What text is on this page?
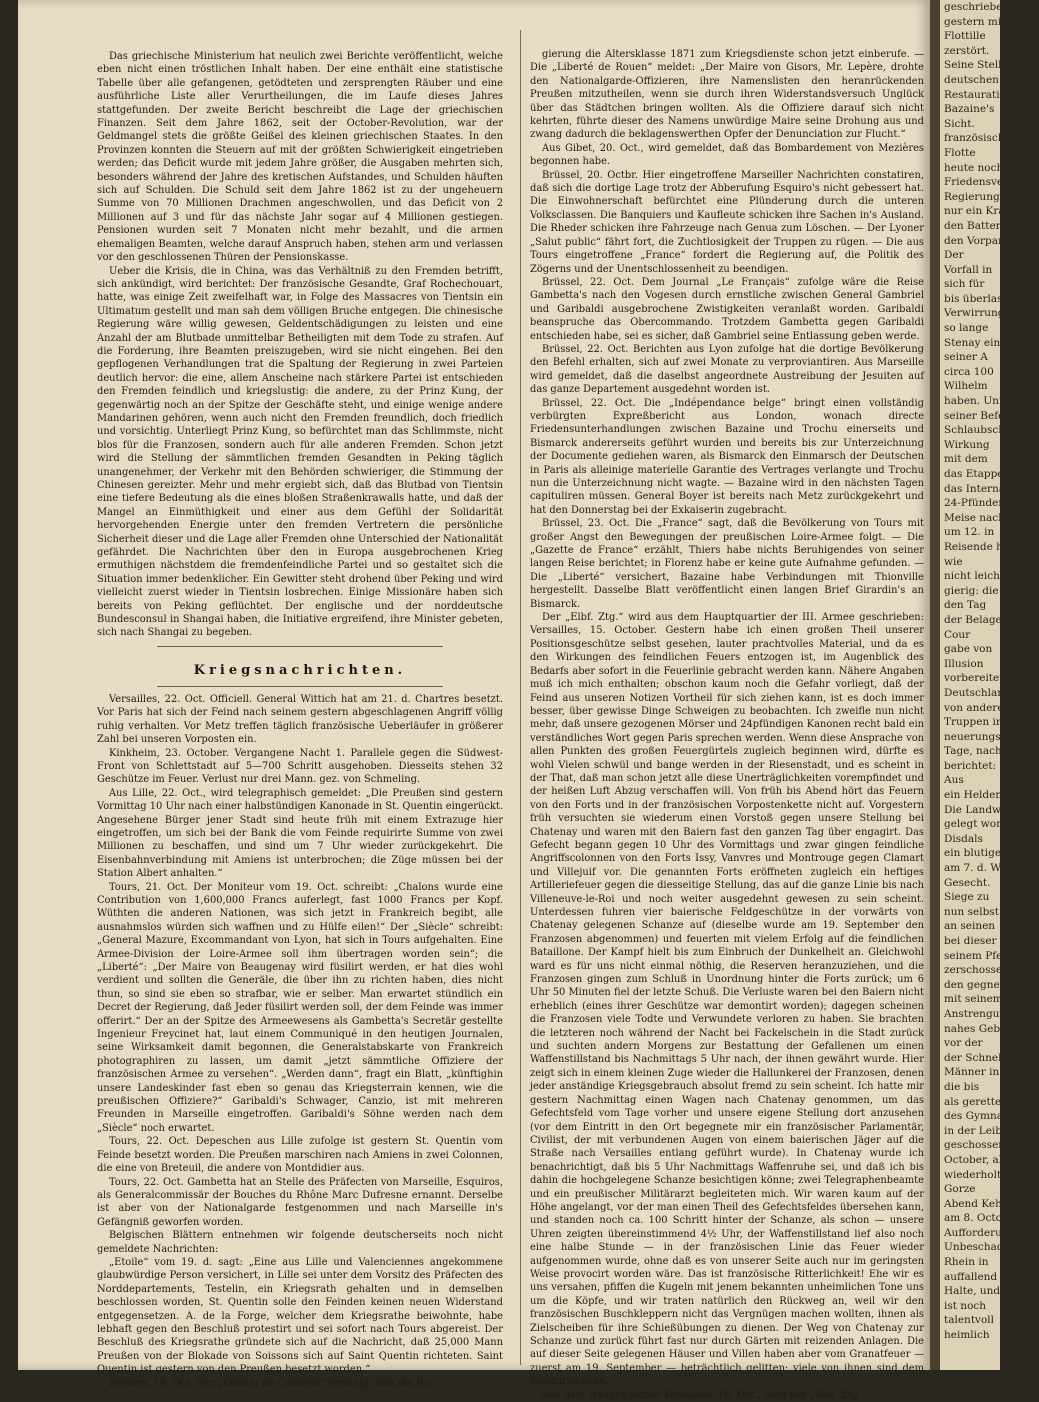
Das griechische Ministerium hat neulich zwei Berichte veröffentlicht, welche eben nicht einen tröstlichen Inhalt haben. Der eine enthält eine statistische Tabelle über alle gefangenen, getödteten und zersprengten Räuber und eine ausführliche Liste aller Verurtheilungen, die im Laufe dieses Jahres stattgefunden. Der zweite Bericht beschreibt die Lage der griechischen Finanzen. Seit dem Jahre 1862, seit der October-Revolution, war der Geldmangel stets die größte Geißel des kleinen griechischen Staates. In den Provinzen konnten die Steuern auf mit der größten Schwierigkeit eingetrieben werden; das Deficit wurde mit jedem Jahre größer, die Ausgaben mehrten sich, besonders während der Jahre des kretischen Aufstandes, und Schulden häuften sich auf Schulden. Die Schuld seit dem Jahre 1862 ist zu der ungeheuern Summe von 70 Millionen Drachmen angeschwollen, und das Deficit von 2 Millionen auf 3 und für das nächste Jahr sogar auf 4 Millionen gestiegen. Pensionen wurden seit 7 Monaten nicht mehr bezahlt, und die armen ehemaligen Beamten, welche darauf Anspruch haben, stehen arm und verlassen vor den geschlossenen Thüren der Pensionskasse.

Ueber die Krisis, die in China, was das Verhältniß zu den Fremden betrifft, sich ankündigt, wird berichtet: Der französische Gesandte, Graf Rochechouart, hatte, was einige Zeit zweifelhaft war, in Folge des Massacres von Tientsin ein Ultimatum gestellt und man sah dem völligen Bruche entgegen. Die chinesische Regierung wäre willig gewesen, Geldentschädigungen zu leisten und eine Anzahl der am Blutbade unmittelbar Betheiligten mit dem Tode zu strafen. Auf die Forderung, ihre Beamten preiszugeben, wird sie nicht eingehen. Bei den gepflogenen Verhandlungen trat die Spaltung der Regierung in zwei Parteien deutlich hervor: die eine, allem Anscheine nach stärkere Partei ist entschieden den Fremden feindlich und kriegslustig: die andere, zu der Prinz Kung, der gegenwärtig noch an der Spitze der Geschäfte steht, und einige wenige andere Mandarinen gehören, wenn auch nicht den Fremden freundlich, doch friedlich und vorsichtig. Unterliegt Prinz Kung, so befürchtet man das Schlimmste, nicht blos für die Franzosen, sondern auch für alle anderen Fremden. Schon jetzt wird die Stellung der sämmtlichen fremden Gesandten in Peking täglich unangenehmer, der Verkehr mit den Behörden schwieriger, die Stimmung der Chinesen gereizter. Mehr und mehr ergiebt sich, daß das Blutbad von Tientsin eine tiefere Bedeutung als die eines bloßen Straßenkrawalls hatte, und daß der Mangel an Einmüthigkeit und einer aus dem Gefühl der Solidarität hervorgehenden Energie unter den fremden Vertretern die persönliche Sicherheit dieser und die Lage aller Fremden ohne Unterschied der Nationalität gefährdet. Die Nachrichten über den in Europa ausgebrochenen Krieg ermuthigen nächstdem die fremdenfeindliche Partei und so gestaltet sich die Situation immer bedenklicher. Ein Gewitter steht drohend über Peking und wird vielleicht zuerst wieder in Tientsin losbrechen. Einige Missionäre haben sich bereits von Peking geflüchtet. Der englische und der norddeutsche Bundesconsul in Shangai haben, die Initiative ergreifend, ihre Minister gebeten, sich nach Shangai zu begeben.

Kriegsnachrichten.

Versailles, 22. Oct. Officiell. General Wittich hat am 21. d. Chartres besetzt. Vor Paris hat sich der Feind nach seinem gestern abgeschlagenen Angriff völlig ruhig verhalten. Vor Metz treffen täglich französische Ueberläufer in größerer Zahl bei unseren Vorposten ein.

Kinkheim, 23. October. Vergangene Nacht 1. Parallele gegen die Südwest-Front von Schlettstadt auf 5—700 Schritt ausgehoben. Diesseits stehen 32 Geschütze im Feuer. Verlust nur drei Mann. gez. von Schmeling.

Aus Lille, 22. Oct., wird telegraphisch gemeldet: „Die Preußen sind gestern Vormittag 10 Uhr nach einer halbstündigen Kanonade in St. Quentin eingerückt. Angesehene Bürger jener Stadt sind heute früh mit einem Extrazuge hier eingetroffen, um sich bei der Bank die vom Feinde requirirte Summe von zwei Millionen zu beschaffen, und sind um 7 Uhr wieder zurückgekehrt. Die Eisenbahnverbindung mit Amiens ist unterbrochen; die Züge müssen bei der Station Albert anhalten.“

Tours, 21. Oct. Der Moniteur vom 19. Oct. schreibt: „Chalons wurde eine Contribution von 1,600,000 Francs auferlegt, fast 1000 Francs per Kopf. Wüthten die anderen Nationen, was sich jetzt in Frankreich begibt, alle ausnahmslos würden sich waffnen und zu Hülfe eilen!“ Der „Siècle“ schreibt: „General Mazure, Excommandant von Lyon, hat sich in Tours aufgehalten. Eine Armee-Division der Loire-Armee soll ihm übertragen worden sein“; die „Liberté“: „Der Maire von Beaugenay wird füsilirt werden, er hat dies wohl verdient und sollten die Generäle, die über ihn zu richten haben, dies nicht thun, so sind sie eben so strafbar, wie er selber. Man erwartet stündlich ein Decret der Regierung, daß Jeder füsilirt werden soll, der dem Feinde was immer offerirt.“ Der an der Spitze des Armeewesens als Gambetta's Secretär gestellte Ingenieur Freycinet hat, laut einem Communiqué in den heutigen Journalen, seine Wirksamkeit damit begonnen, die Generalstabskarte von Frankreich photographiren zu lassen, um damit „jetzt sämmtliche Offiziere der französischen Armee zu versehen“. „Werden dann“, fragt ein Blatt, „künftighin unsere Landeskinder fast eben so genau das Kriegsterrain kennen, wie die preußischen Offiziere?“ Garibaldi's Schwager, Canzio, ist mit mehreren Freunden in Marseille eingetroffen. Garibaldi's Söhne werden nach dem „Siècle“ noch erwartet.

Tours, 22. Oct. Depeschen aus Lille zufolge ist gestern St. Quentin vom Feinde besetzt worden. Die Preußen marschiren nach Amiens in zwei Colonnen, die eine von Breteuil, die andere von Montdidier aus.

Tours, 22. Oct. Gambetta hat an Stelle des Präfecten von Marseille, Esquiros, als Generalcommissär der Bouches du Rhône Marc Dufresne ernannt. Derselbe ist aber von der Nationalgarde festgenommen und nach Marseille in's Gefängniß geworfen worden.

Belgischen Blättern entnehmen wir folgende deutscherseits noch nicht gemeldete Nachrichten:

„Etoile“ vom 19. d. sagt: „Eine aus Lille und Valenciennes angekommene glaubwürdige Person versichert, in Lille sei unter dem Vorsitz des Präfecten des Norddepartements, Testelin, ein Kriegsrath gehalten und in demselben beschlossen worden, St. Quentin solle den Feinden keinen neuen Widerstand entgegensetzen. A. de la Forge, welcher dem Kriegsrathe beiwohnte, habe lebhaft gegen den Beschluß protestirt und sei sofort nach Tours abgereist. Der Beschluß des Kriegsrathe gründete sich auf die Nachricht, daß 25,000 Mann Preußen von der Blokade von Soissons sich auf Saint Quentin richteten. Saint Quentin ist gestern von den Preußen besetzt worden.“

Poitiers, 19. Oct. Der „Libéral de Cambrai“ verlangt, daß die Re-

gierung die Altersklasse 1871 zum Kriegsdienste schon jetzt einberufe. — Die „Liberté de Rouen“ meldet: „Der Maire von Gisors, Mr. Lepère, drohte den Nationalgarde-Offizieren, ihre Namenslisten den heranrückenden Preußen mitzutheilen, wenn sie durch ihren Widerstandsversuch Unglück über das Städtchen bringen wollten. Als die Offiziere darauf sich nicht kehrten, führte dieser des Namens unwürdige Maire seine Drohung aus und zwang dadurch die beklagenswerthen Opfer der Denunciation zur Flucht.“

Aus Gibet, 20. Oct., wird gemeldet, daß das Bombardement von Mezières begonnen habe.

Brüssel, 20. Octbr. Hier eingetroffene Marseiller Nachrichten constatiren, daß sich die dortige Lage trotz der Abberufung Esquiro's nicht gebessert hat. Die Einwohnerschaft befürchtet eine Plünderung durch die unteren Volksclassen. Die Banquiers und Kaufleute schicken ihre Sachen in's Ausland. Die Rheder schicken ihre Fahrzeuge nach Genua zum Löschen. — Der Lyoner „Salut public“ fährt fort, die Zuchtlosigkeit der Truppen zu rügen. — Die aus Tours eingetroffene „France“ fordert die Regierung auf, die Politik des Zögerns und der Unentschlossenheit zu beendigen.

Brüssel, 22. Oct. Dem Journal „Le Français“ zufolge wäre die Reise Gambetta's nach den Vogesen durch ernstliche zwischen General Gambriel und Garibaldi ausgebrochene Zwistigkeiten veranlaßt worden. Garibaldi beanspruche das Obercommando. Trotzdem Gambetta gegen Garibaldi entschieden habe, sei es sicher, daß Gambriel seine Entlassung geben werde.

Brüssel, 22. Oct. Berichten aus Lyon zufolge hat die dortige Bevölkerung den Befehl erhalten, sich auf zwei Monate zu verproviantiren. Aus Marseille wird gemeldet, daß die daselbst angeordnete Austreibung der Jesuiten auf das ganze Departement ausgedehnt worden ist.

Brüssel, 22. Oct. Die „Indépendance belge“ bringt einen vollständig verbürgten Expreßbericht aus London, wonach directe Friedensunterhandlungen zwischen Bazaine und Trochu einerseits und Bismarck andererseits geführt wurden und bereits bis zur Unterzeichnung der Documente gediehen waren, als Bismarck den Einmarsch der Deutschen in Paris als alleinige materielle Garantie des Vertrages verlangte und Trochu nun die Unterzeichnung nicht wagte. — Bazaine wird in den nächsten Tagen capituliren müssen. General Boyer ist bereits nach Metz zurückgekehrt und hat den Donnerstag bei der Exkaiserin zugebracht.

Brüssel, 23. Oct. Die „France“ sagt, daß die Bevölkerung von Tours mit großer Angst den Bewegungen der preußischen Loire-Armee folgt. — Die „Gazette de France“ erzählt, Thiers habe nichts Beruhigendes von seiner langen Reise berichtet; in Florenz habe er keine gute Aufnahme gefunden. — Die „Liberté“ versichert, Bazaine habe Verbindungen mit Thionville hergestellt. Dasselbe Blatt veröffentlicht einen langen Brief Girardin's an Bismarck.

Der „Elbf. Ztg.“ wird aus dem Hauptquartier der III. Armee geschrieben: Versailles, 15. October. Gestern habe ich einen großen Theil unserer Positionsgeschütze selbst gesehen, lauter prachtvolles Material, und da es den Wirkungen des feindlichen Feuers entzogen ist, im Augenblick des Bedarfs aber sofort in die Feuerlinie gebracht werden kann. Nähere Angaben muß ich mich enthalten; obschon kaum noch die Gefahr vorliegt, daß der Feind aus unseren Notizen Vortheil für sich ziehen kann, ist es doch immer besser, über gewisse Dinge Schweigen zu beobachten. Ich zweifle nun nicht mehr, daß unsere gezogenen Mörser und 24pfündigen Kanonen recht bald ein verständliches Wort gegen Paris sprechen werden. Wenn diese Ansprache von allen Punkten des großen Feuergürtels zugleich beginnen wird, dürfte es wohl Vielen schwül und bange werden in der Riesenstadt, und es scheint in der That, daß man schon jetzt alle diese Unerträglichkeiten vorempfindet und der heißen Luft Abzug verschaffen will. Von früh bis Abend hört das Feuern von den Forts und in der französischen Vorpostenkette nicht auf. Vorgestern früh versuchten sie wiederum einen Vorstoß gegen unsere Stellung bei Chatenay und waren mit den Baiern fast den ganzen Tag über engagirt. Das Gefecht begann gegen 10 Uhr des Vormittags und zwar gingen feindliche Angriffscolonnen von den Forts Issy, Vanvres und Montrouge gegen Clamart und Villejuif vor. Die genannten Forts eröffneten zugleich ein heftiges Artilleriefeuer gegen die diesseitige Stellung, das auf die ganze Linie bis nach Villeneuve-le-Roi und noch weiter ausgedehnt gewesen zu sein scheint. Unterdessen fuhren vier baierische Feldgeschütze in der vorwärts von Chatenay gelegenen Schanze auf (dieselbe wurde am 19. September den Franzosen abgenommen) und feuerten mit vielem Erfolg auf die feindlichen Bataillone. Der Kampf hielt bis zum Einbruch der Dunkelheit an. Gleichwohl ward es für uns nicht einmal nöthig, die Reserven heranzuziehen, und die Franzosen gingen zum Schluß in Unordnung hinter die Forts zurück; um 6 Uhr 50 Minuten fiel der letzte Schuß. Die Verluste waren bei den Baiern nicht erheblich (eines ihrer Geschütze war demontirt worden); dagegen scheinen die Franzosen viele Todte und Verwundete verloren zu haben. Sie brachten die letzteren noch während der Nacht bei Fackelschein in die Stadt zurück und suchten andern Morgens zur Bestattung der Gefallenen um einen Waffenstillstand bis Nachmittags 5 Uhr nach, der ihnen gewährt wurde. Hier zeigt sich in einem kleinen Zuge wieder die Hallunkerei der Franzosen, denen jeder anständige Kriegsgebrauch absolut fremd zu sein scheint. Ich hatte mir gestern Nachmittag einen Wagen nach Chatenay genommen, um das Gefechtsfeld vom Tage vorher und unsere eigene Stellung dort anzusehen (vor dem Eintritt in den Ort begegnete mir ein französischer Parlamentär, Civilist, der mit verbundenen Augen von einem baierischen Jäger auf die Straße nach Versailles entlang geführt wurde). In Chatenay wurde ich benachrichtigt, daß bis 5 Uhr Nachmittags Waffenruhe sei, und daß ich bis dahin die hochgelegene Schanze besichtigen könne; zwei Telegraphenbeamte und ein preußischer Militärarzt begleiteten mich. Wir waren kaum auf der Höhe angelangt, vor der man einen Theil des Gefechtsfeldes übersehen kann, und standen noch ca. 100 Schritt hinter der Schanze, als schon — unsere Uhren zeigten übereinstimmend 4½ Uhr, der Waffenstillstand lief also noch eine halbe Stunde — in der französischen Linie das Feuer wieder aufgenommen wurde, ohne daß es von unserer Seite auch nur im geringsten Weise provocirt worden wäre. Das ist französische Ritterlichkeit! Ehe wir es uns versahen, pfiffen die Kugeln mit jenem bekannten unheimlichen Tone uns um die Köpfe, und wir traten natürlich den Rückweg an, weil wir den französischen Buschkleppern nicht das Vergnügen machen wollten, ihnen als Zielscheiben für ihre Schießübungen zu dienen. Der Weg von Chatenay zur Schanze und zurück führt fast nur durch Gärten mit reizenden Anlagen. Die auf dieser Seite gelegenen Häuser und Villen haben aber vom Granatfeuer — zuerst am 19. September — beträchtlich gelitten; viele von ihnen sind dem Einsturze nahe.

Aus dem Hauptquartier Versailles, 16. Oct., wird der „Wes.-Ztg.“

geschrieben:
gestern mit
Flottille
zerstört.
Seine Stellung
deutschen
Restauration
Bazaine's
Sicht.
französischen
Flotte
heute noch
Friedensverm
Regierung
nur ein Kra
den Batteri
den Vorpar
Der
Vorfall in
sich für
bis überlasse
Verwirrung,
so lange
Stenay ein
seiner A
circa 100
Wilhelm
haben. Unter
seiner Befehl
Schlaubsch
Wirkung
mit dem
das Etappen
das Internas
24-Pfünder
Meise nach
um 12. in
Reisende ha
wie
nicht leichten
gierig: die
den Tag
der Belagerun
Cour
gabe von
Illusion
vorbereitet,
Deutschland
von anderer
Truppen in
neuerungstimm
Tage, nach
berichtet:
Aus
ein Heldenfü
Die Landwehr
gelegt worden
Disdals
ein blutiges
am 7. d. W
Gesecht.
Siege zu
nun selbst
an seinen
bei dieser
seinem Pferd
zerschossen.
den gegnerischen
mit seinem
Anstrengung
nahes Gebäu
vor der
der Schnelligk
Männer in
die bis
als geretteten
des Gymnasi
in der Leib
geschossen.
October, als
wiederholten,
Gorze
Abend Kehrt
am 8. October
Aufforderung
Unbeschadet
Rhein in
auffallend
Halte, und
ist noch
talentvoll
heimlich
